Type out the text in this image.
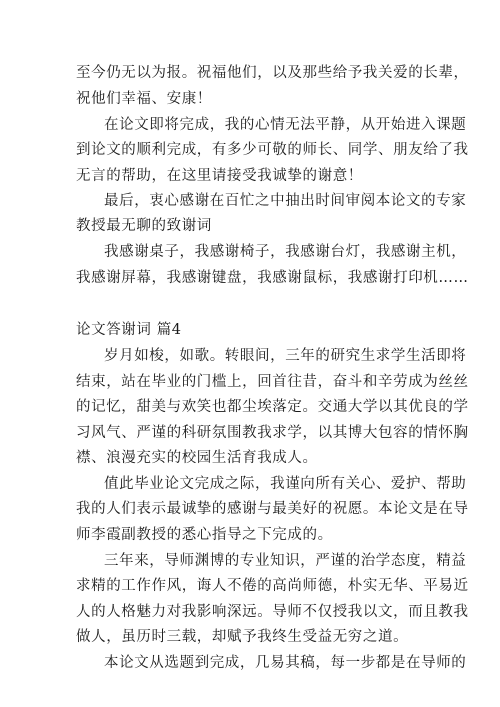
至今仍无以为报。祝福他们，以及那些给予我关爱的长辈，
祝他们幸福、安康！
在论文即将完成，我的心情无法平静，从开始进入课题
到论文的顺利完成，有多少可敬的师长、同学、朋友给了我
无言的帮助，在这里请接受我诚挚的谢意！
最后，衷心感谢在百忙之中抽出时间审阅本论文的专家
教授最无聊的致谢词
我感谢桌子，我感谢椅子，我感谢台灯，我感谢主机，
我感谢屏幕，我感谢键盘，我感谢鼠标，我感谢打印机……
论文答谢词 篇4
岁月如梭，如歌。转眼间，三年的研究生求学生活即将
结束，站在毕业的门槛上，回首往昔，奋斗和辛劳成为丝丝
的记忆，甜美与欢笑也都尘埃落定。交通大学以其优良的学
习风气、严谨的科研氛围教我求学，以其博大包容的情怀胸
襟、浪漫充实的校园生活育我成人。
值此毕业论文完成之际，我谨向所有关心、爱护、帮助
我的人们表示最诚挚的感谢与最美好的祝愿。本论文是在导
师李霞副教授的悉心指导之下完成的。
三年来，导师渊博的专业知识，严谨的治学态度，精益
求精的工作作风，诲人不倦的高尚师德，朴实无华、平易近
人的人格魅力对我影响深远。导师不仅授我以文，而且教我
做人，虽历时三载，却赋予我终生受益无穷之道。
本论文从选题到完成，几易其稿，每一步都是在导师的
